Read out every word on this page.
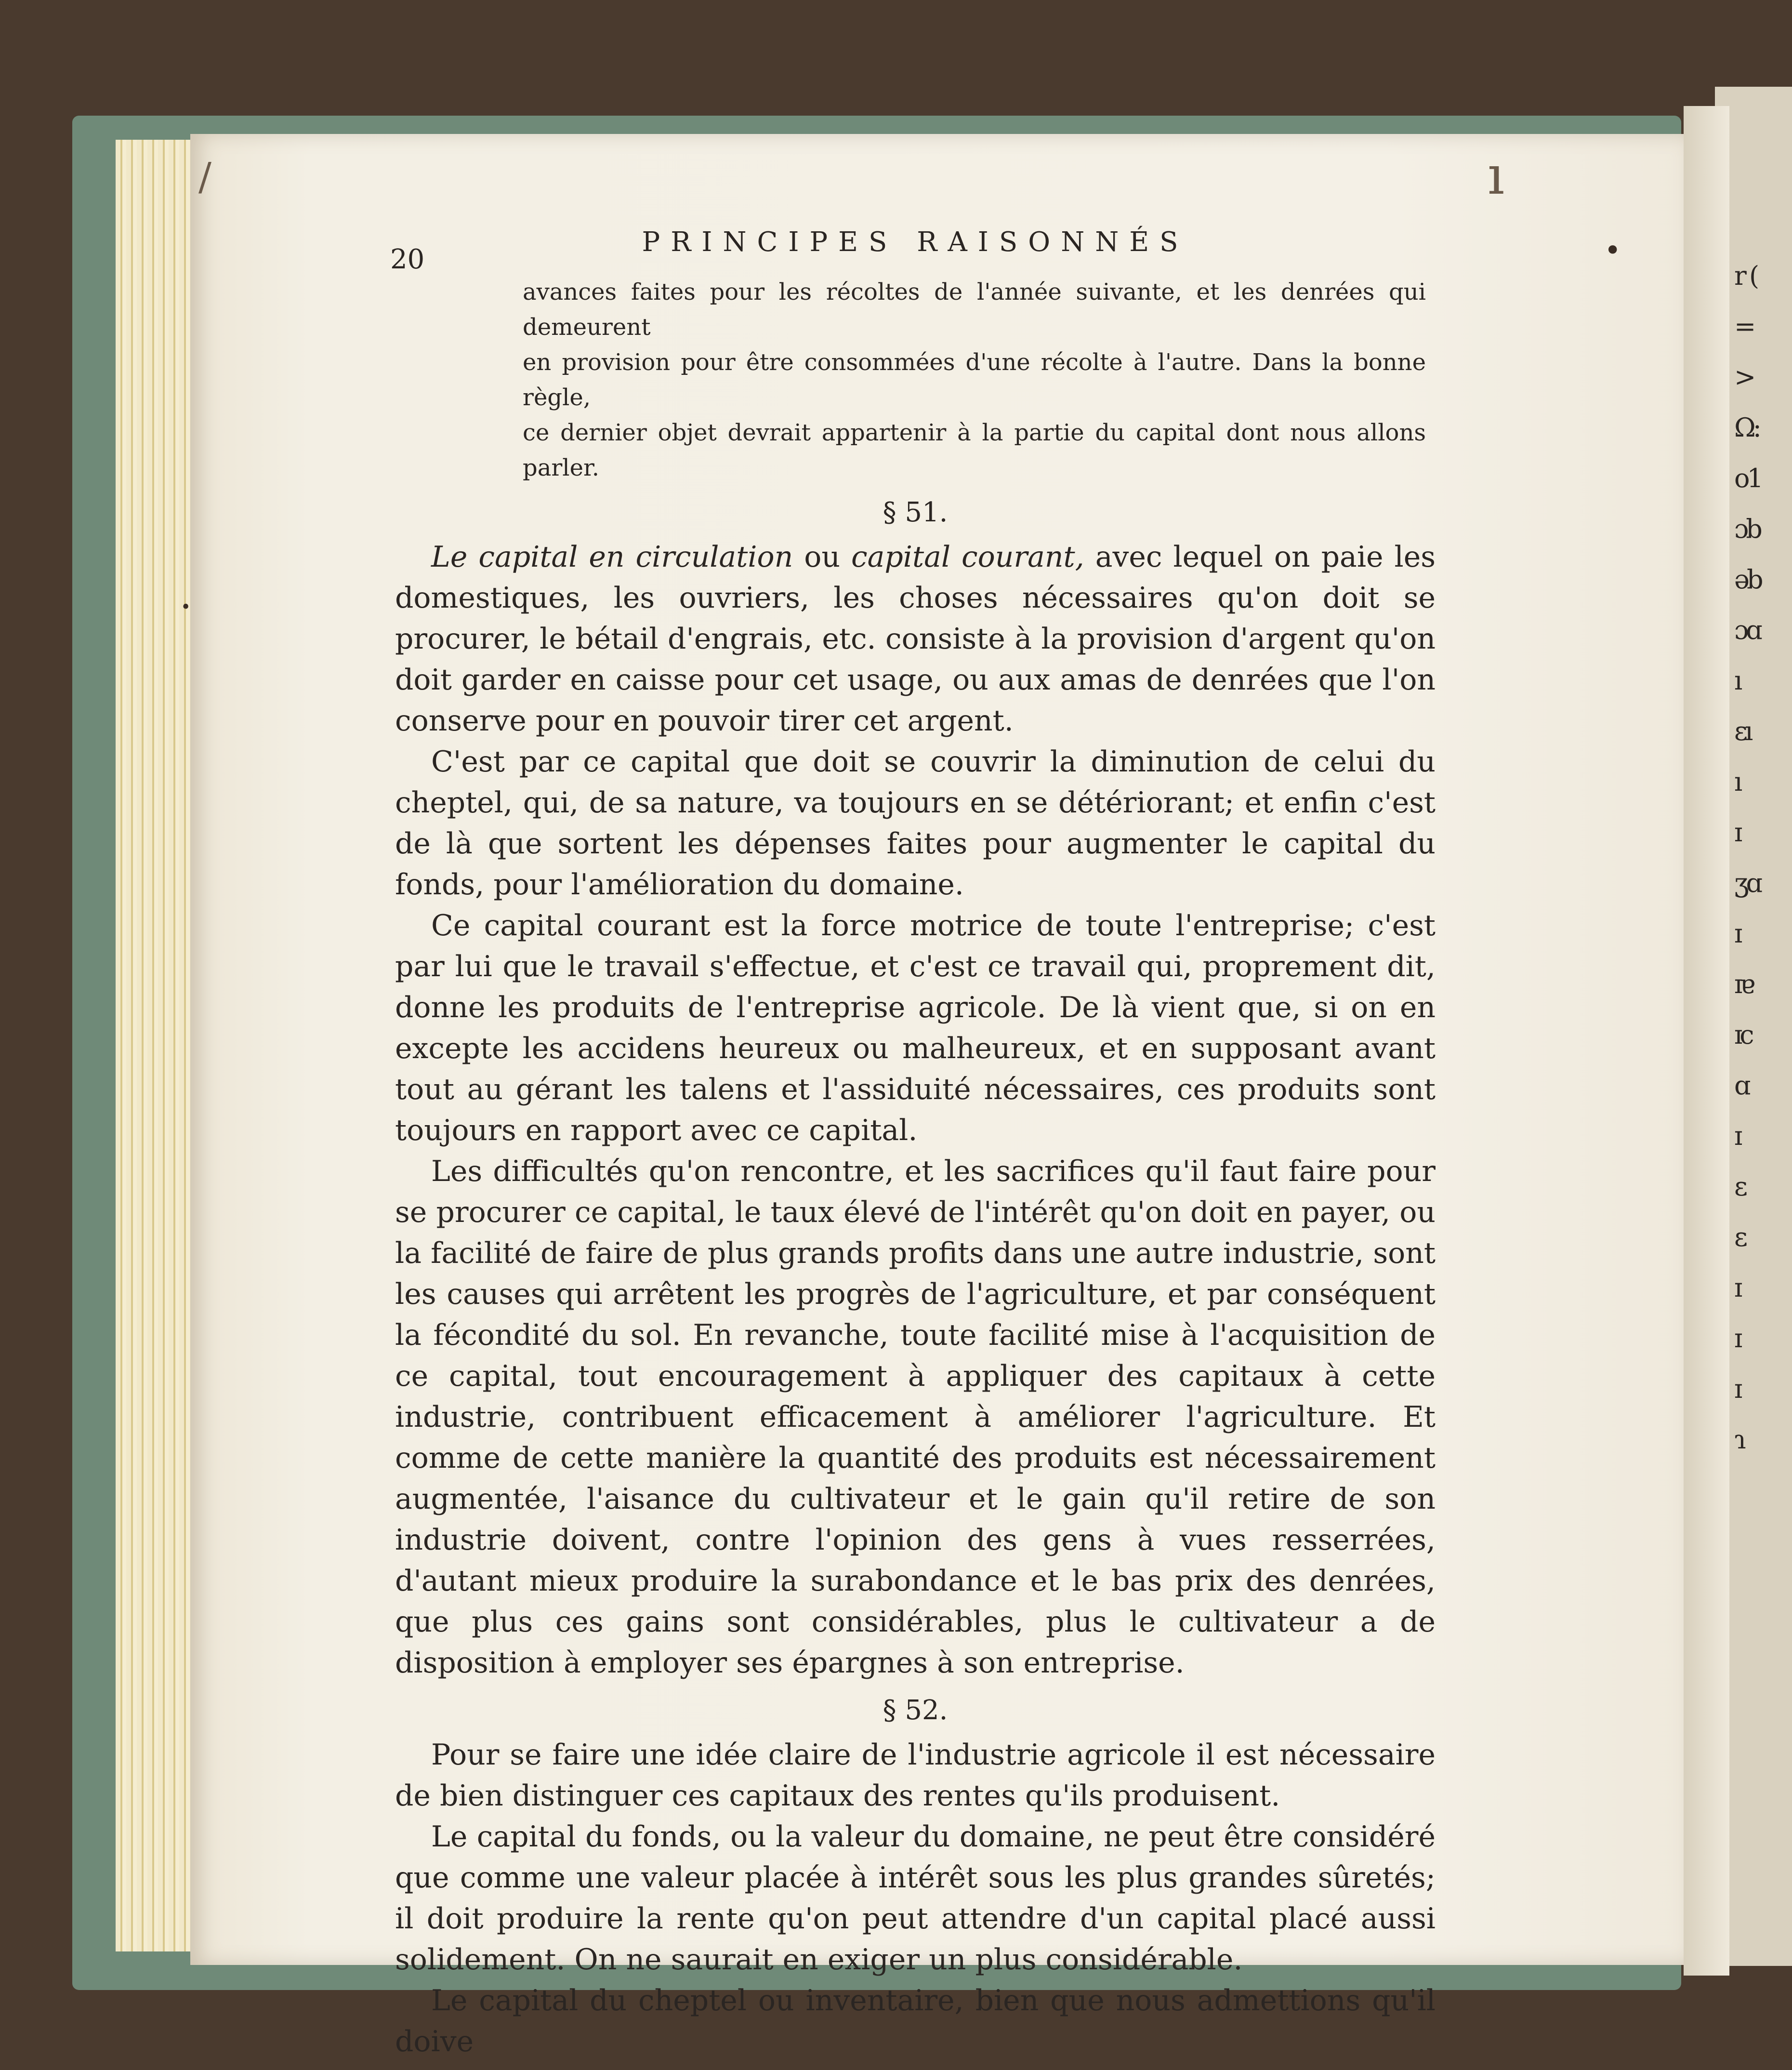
/	ı
•
•
20
PRINCIPES RAISONNÉS
avances faites pour les récoltes de l'année suivante, et les denrées qui demeurent
en provision pour être consommées d'une récolte à l'autre. Dans la bonne règle,
ce dernier objet devrait appartenir à la partie du capital dont nous allons parler.
§ 51.

Le capital en circulation ou capital courant, avec lequel on paie les domestiques, les ouvriers, les choses nécessaires qu'on doit se procurer, le bétail d'engrais, etc. consiste à la provision d'argent qu'on doit garder en caisse pour cet usage, ou aux amas de denrées que l'on conserve pour en pouvoir tirer cet argent.

C'est par ce capital que doit se couvrir la diminution de celui du cheptel, qui, de sa nature, va toujours en se détériorant; et enfin c'est de là que sortent les dépenses faites pour augmenter le capital du fonds, pour l'amélioration du domaine.

Ce capital courant est la force motrice de toute l'entreprise; c'est par lui que le travail s'effectue, et c'est ce travail qui, proprement dit, donne les produits de l'entreprise agricole. De là vient que, si on en excepte les accidens heureux ou malheureux, et en supposant avant tout au gérant les talens et l'assiduité nécessaires, ces produits sont toujours en rapport avec ce capital.

Les difficultés qu'on rencontre, et les sacrifices qu'il faut faire pour se procurer ce capital, le taux élevé de l'intérêt qu'on doit en payer, ou la facilité de faire de plus grands profits dans une autre industrie, sont les causes qui arrêtent les progrès de l'agriculture, et par conséquent la fécondité du sol. En revanche, toute facilité mise à l'acquisition de ce capital, tout encouragement à appliquer des capitaux à cette industrie, contribuent efficacement à améliorer l'agriculture. Et comme de cette manière la quantité des produits est nécessairement augmentée, l'aisance du cultivateur et le gain qu'il retire de son industrie doivent, contre l'opinion des gens à vues resserrées, d'autant mieux produire la surabondance et le bas prix des denrées, que plus ces gains sont considérables, plus le cultivateur a de disposition à employer ses épargnes à son entreprise.

§ 52.

Pour se faire une idée claire de l'industrie agricole il est nécessaire de bien distinguer ces capitaux des rentes qu'ils produisent.

Le capital du fonds, ou la valeur du domaine, ne peut être considéré que comme une valeur placée à intérêt sous les plus grandes sûretés; il doit produire la rente qu'on peut attendre d'un capital placé aussi solidement. On ne saurait en exiger un plus considérable.

Le capital du cheptel ou inventaire, bien que nous admettions qu'il doive

r (
=
>
Ω:
o1
ɔb
əb
ɔɑ
ı
ɛı
ı
ɪ
ʒɑ
ɪ
ɪɐ
ɪc
ɑ
ɪ
ɛ
ɛ
ɪ
ɪ
ɪ
ɿ
